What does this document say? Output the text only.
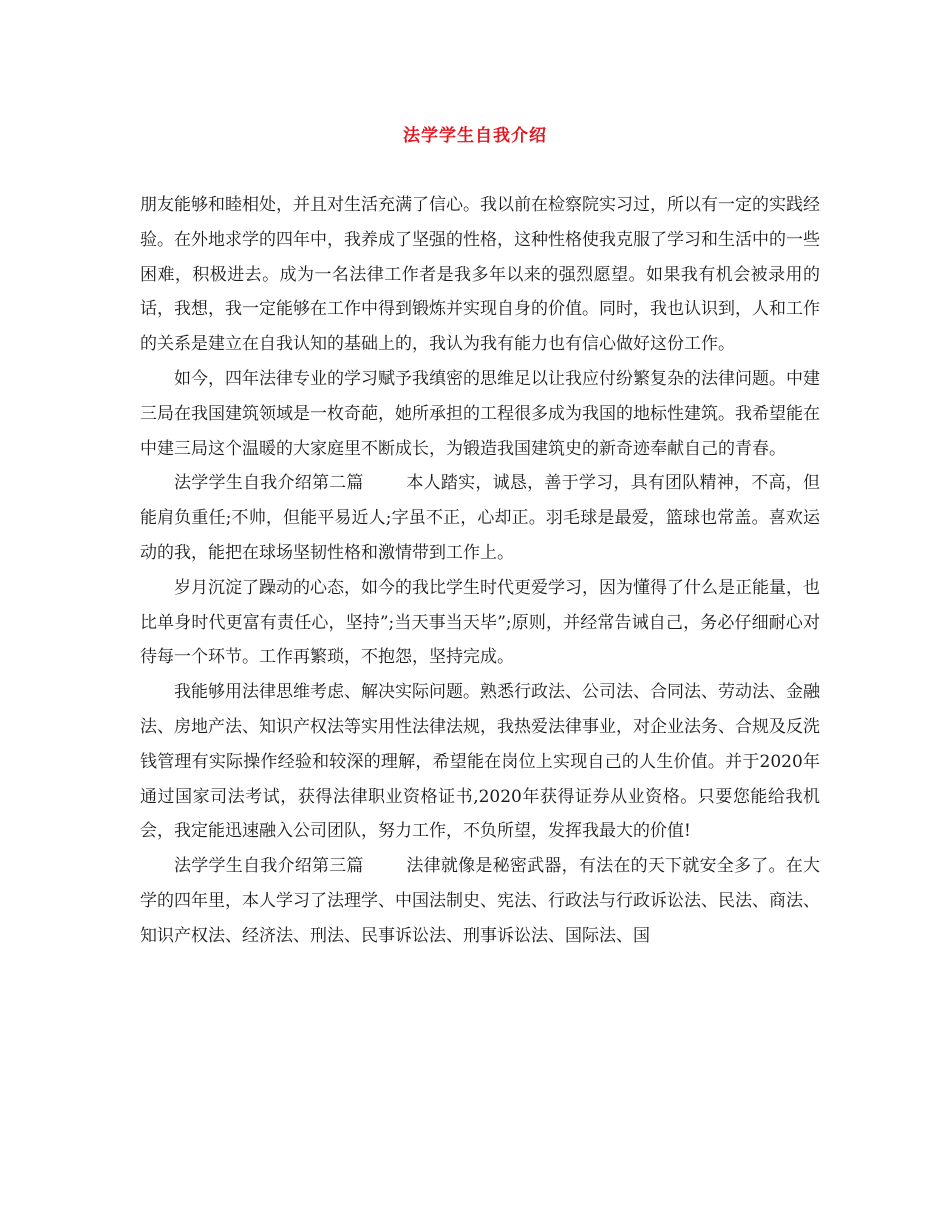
法学学生自我介绍

朋友能够和睦相处，并且对生活充满了信心。我以前在检察院实习过，所以有一定的实践经验。在外地求学的四年中，我养成了坚强的性格，这种性格使我克服了学习和生活中的一些困难，积极进去。成为一名法律工作者是我多年以来的强烈愿望。如果我有机会被录用的话，我想，我一定能够在工作中得到锻炼并实现自身的价值。同时，我也认识到，人和工作的关系是建立在自我认知的基础上的，我认为我有能力也有信心做好这份工作。

如今，四年法律专业的学习赋予我缜密的思维足以让我应付纷繁复杂的法律问题。中建三局在我国建筑领域是一枚奇葩，她所承担的工程很多成为我国的地标性建筑。我希望能在中建三局这个温暖的大家庭里不断成长，为锻造我国建筑史的新奇迹奉献自己的青春。

法学学生自我介绍第二篇	本人踏实，诚恳，善于学习，具有团队精神，不高，但能肩负重任;不帅，但能平易近人;字虽不正，心却正。羽毛球是最爱，篮球也常盖。喜欢运动的我，能把在球场坚韧性格和激情带到工作上。

岁月沉淀了躁动的心态，如今的我比学生时代更爱学习，因为懂得了什么是正能量，也比单身时代更富有责任心，坚持”;当天事当天毕”;原则，并经常告诫自己，务必仔细耐心对待每一个环节。工作再繁琐，不抱怨，坚持完成。

我能够用法律思维考虑、解决实际问题。熟悉行政法、公司法、合同法、劳动法、金融法、房地产法、知识产权法等实用性法律法规，我热爱法律事业，对企业法务、合规及反洗钱管理有实际操作经验和较深的理解，希望能在岗位上实现自己的人生价值。并于2020年通过国家司法考试，获得法律职业资格证书,2020年获得证券从业资格。只要您能给我机会，我定能迅速融入公司团队，努力工作，不负所望，发挥我最大的价值!

法学学生自我介绍第三篇	法律就像是秘密武器，有法在的天下就安全多了。在大学的四年里，本人学习了法理学、中国法制史、宪法、行政法与行政诉讼法、民法、商法、知识产权法、经济法、刑法、民事诉讼法、刑事诉讼法、国际法、国
